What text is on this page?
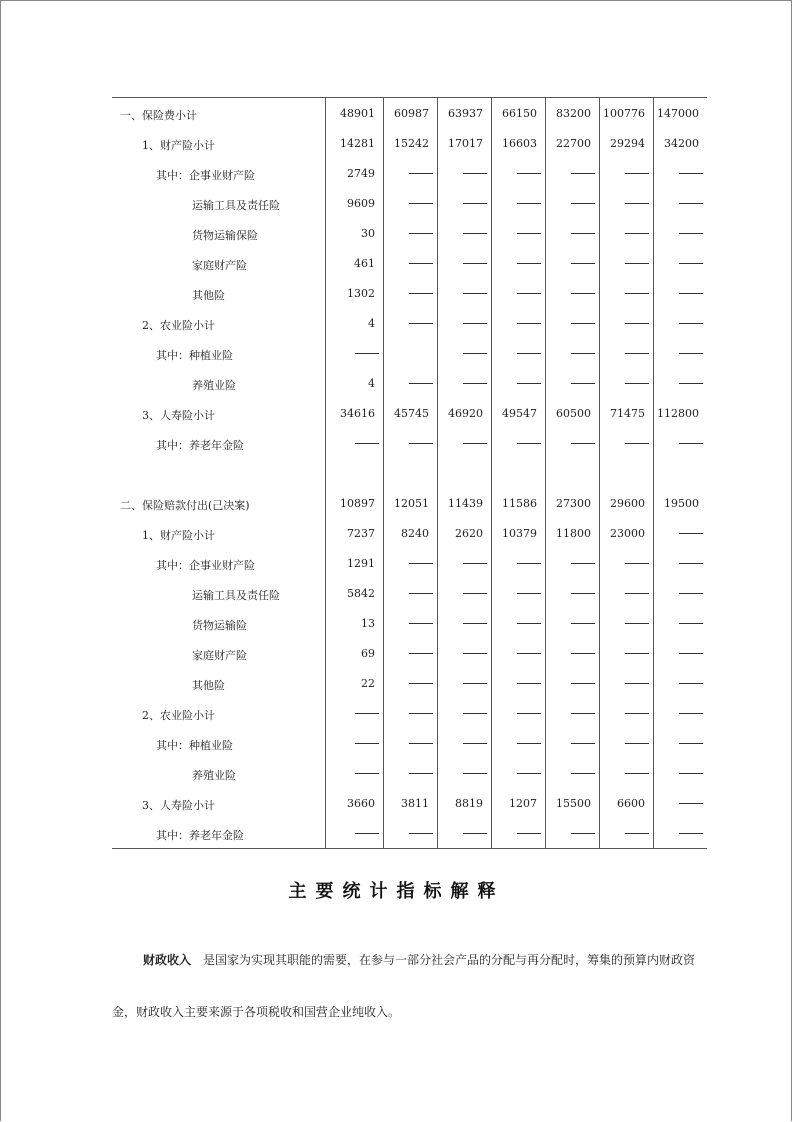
一、保险费小计	48901 60987 63937 66150 83200 100776 147000
1、财产险小计	14281 15242 17017 16603 22700 29294 34200
其中：企事业财产险	2749
运输工具及责任险	9609
货物运输保险	30
家庭财产险	461
其他险	1302
2、农业险小计	4
其中：种植业险
养殖业险	4
3、人寿险小计	34616 45745 46920 49547 60500 71475 112800
其中：养老年金险
二、保险赔款付出(己决案)	10897 12051 11439 11586 27300 29600 19500
1、财产险小计	7237 8240 2620 10379 11800 23000
其中：企事业财产险	1291
运输工具及责任险	5842
货物运输险	13
家庭财产险	69
其他险	22
2、农业险小计
其中：种植业险
养殖业险
3、人寿险小计	3660 3811 8819 1207 15500 6600
其中：养老年金险
主要统计指标解释

财政收入 是国家为实现其职能的需要，在参与一部分社会产品的分配与再分配时，筹集的预算内财政资金，财政收入主要来源于各项税收和国营企业纯收入。
